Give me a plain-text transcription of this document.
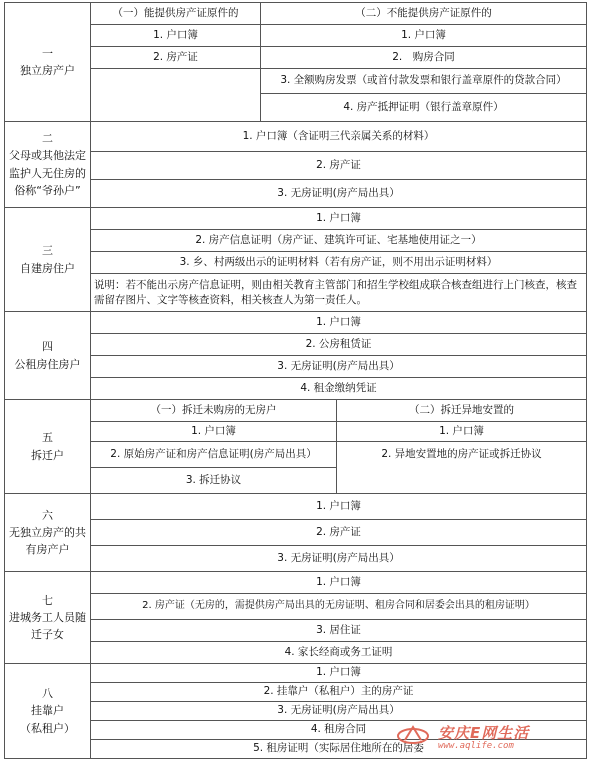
一
独立房产户	（一）能提供房产证原件的	（二）不能提供房产证原件的	
	1. 户口簿	1. 户口簿	
	2. 房产证	2.　购房合同	
		3. 全额购房发票（或首付款发票和银行盖章原件的贷款合同）	
		4. 房产抵押证明（银行盖章原件）	

二
父母或其他法定
监护人无住房的
俗称“爷孙户”	1. 户口簿（含证明三代亲属关系的材料）		
	2. 房产证		
	3. 无房证明(房产局出具）		

三
自建房住户	1. 户口簿		
	2. 房产信息证明（房产证、建筑许可证、宅基地使用证之一）		
	3. 乡、村两级出示的证明材料（若有房产证，则不用出示证明材料）		
	说明：若不能出示房产信息证明，则由相关教育主管部门和招生学校组成联合核查组进行上门核查，核查需留存图片、文字等核查资料，相关核查人为第一责任人。		

四
公租房住房户	1. 户口簿		
	2. 公房租赁证		
	3. 无房证明(房产局出具）		
	4. 租金缴纳凭证		

五
拆迁户	（一）拆迁未购房的无房户		（二）拆迁异地安置的
	1. 户口簿		1. 户口簿
	2. 原始房产证和房产信息证明(房产局出具）		2. 异地安置地的房产证或拆迁协议
	3. 拆迁协议		

六
无独立房产的共
有房产户	1. 户口簿		
	2. 房产证		
	3. 无房证明(房产局出具）		

七
进城务工人员随
迁子女	1. 户口簿		
	2. 房产证（无房的，需提供房产局出具的无房证明、租房合同和居委会出具的租房证明）		
	3. 居住证		
	4. 家长经商或务工证明		

八
挂靠户
（私租户）	1. 户口簿		
	2. 挂靠户（私租户）主的房产证		
	3. 无房证明(房产局出具）		
	4. 租房合同		
	5. 租房证明（实际居住地所在的居委		
安庆E网生活
www.aqlife.com
